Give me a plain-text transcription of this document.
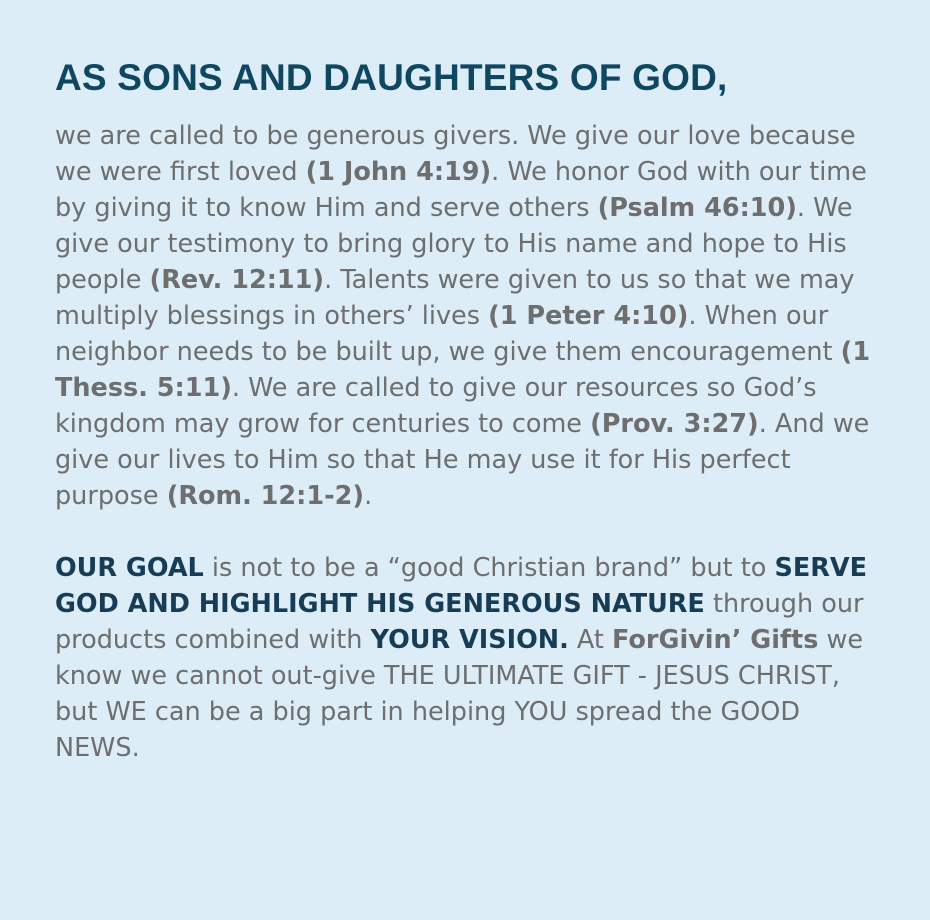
AS SONS AND DAUGHTERS OF GOD,

we are called to be generous givers. We give our love because we were first loved (1 John 4:19). We honor God with our time by giving it to know Him and serve others (Psalm 46:10). We give our testimony to bring glory to His name and hope to His people (Rev. 12:11). Talents were given to us so that we may multiply blessings in others’ lives (1 Peter 4:10). When our neighbor needs to be built up, we give them encouragement (1 Thess. 5:11). We are called to give our resources so God’s kingdom may grow for centuries to come (Prov. 3:27). And we give our lives to Him so that He may use it for His perfect purpose (Rom. 12:1-2).

OUR GOAL is not to be a “good Christian brand” but to SERVE GOD AND HIGHLIGHT HIS GENEROUS NATURE through our products combined with YOUR VISION. At ForGivin’ Gifts we know we cannot out-give THE ULTIMATE GIFT - JESUS CHRIST, but WE can be a big part in helping YOU spread the GOOD NEWS.
